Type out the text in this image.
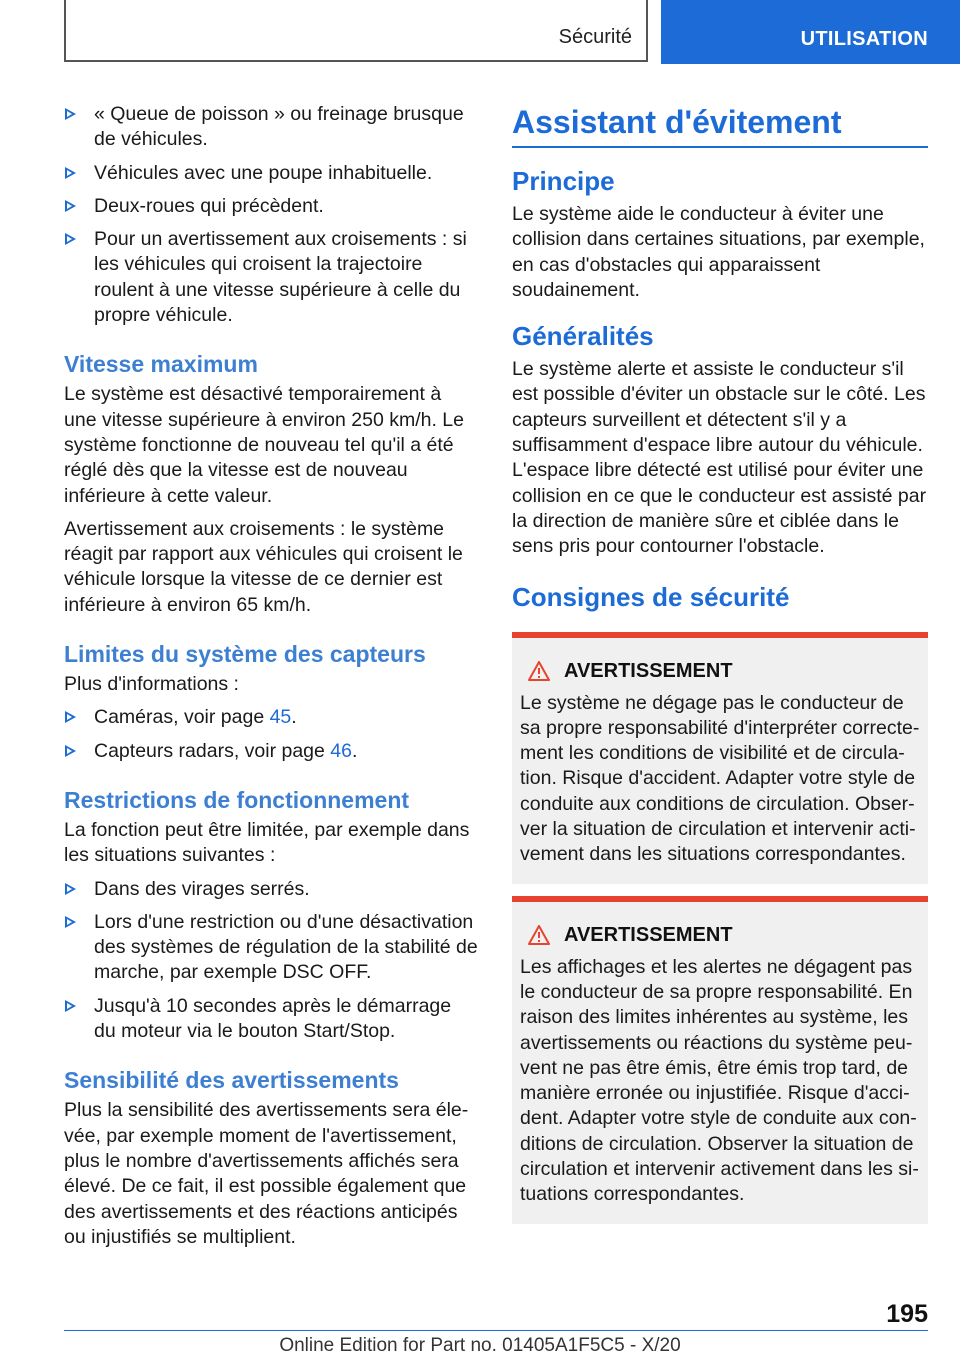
Sécurité	UTILISATION
« Queue de poisson » ou freinage brusque de véhicules.
Véhicules avec une poupe inhabituelle.
Deux-roues qui précèdent.
Pour un avertissement aux croisements : si les véhicules qui croisent la trajectoire roulent à une vitesse supérieure à celle du propre véhicule.
Vitesse maximum

Le système est désactivé temporairement à une vitesse supérieure à environ 250 km/h. Le système fonctionne de nouveau tel qu'il a été réglé dès que la vitesse est de nouveau inférieure à cette valeur.

Avertissement aux croisements : le système réagit par rapport aux véhicules qui croisent le véhicule lorsque la vitesse de ce dernier est inférieure à environ 65 km/h.

Limites du système des capteurs

Plus d'informations :

Caméras, voir page 45.
Capteurs radars, voir page 46.
Restrictions de fonctionnement

La fonction peut être limitée, par exemple dans les situations suivantes :

Dans des virages serrés.
Lors d'une restriction ou d'une désactivation des systèmes de régulation de la stabilité de marche, par exemple DSC OFF.
Jusqu'à 10 secondes après le démarrage du moteur via le bouton Start/Stop.
Sensibilité des avertissements

Plus la sensibilité des avertissements sera élevée, par exemple moment de l'avertissement, plus le nombre d'avertissements affichés sera élevé. De ce fait, il est possible également que des avertissements et des réactions anticipés ou injustifiés se multiplient.

Assistant d'évitement
Principe

Le système aide le conducteur à éviter une collision dans certaines situations, par exemple, en cas d'obstacles qui apparaissent soudainement.

Généralités

Le système alerte et assiste le conducteur s'il est possible d'éviter un obstacle sur le côté. Les capteurs surveillent et détectent s'il y a suffisamment d'espace libre autour du véhicule. L'espace libre détecté est utilisé pour éviter une collision en ce que le conducteur est assisté par la direction de manière sûre et ciblée dans le sens pris pour contourner l'obstacle.

Consignes de sécurité
AVERTISSEMENT

Le système ne dégage pas le conducteur de sa propre responsabilité d'interpréter correctement les conditions de visibilité et de circulation. Risque d'accident. Adapter votre style de conduite aux conditions de circulation. Observer la situation de circulation et intervenir activement dans les situations correspondantes.

AVERTISSEMENT

Les affichages et les alertes ne dégagent pas le conducteur de sa propre responsabilité. En raison des limites inhérentes au système, les avertissements ou réactions du système peuvent ne pas être émis, être émis trop tard, de manière erronée ou injustifiée. Risque d'accident. Adapter votre style de conduite aux conditions de circulation. Observer la situation de circulation et intervenir activement dans les situations correspondantes.

195
Online Edition for Part no. 01405A1F5C5 - X/20
